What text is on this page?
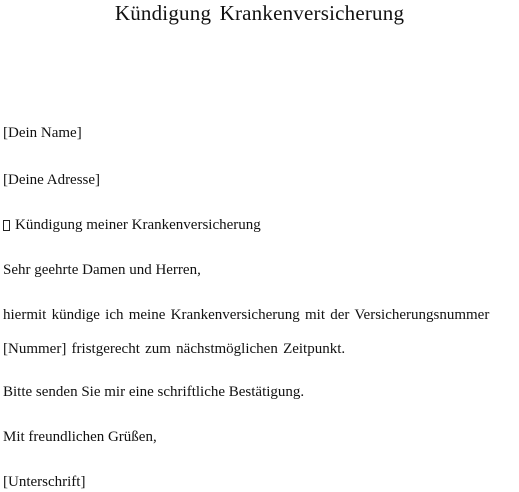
Kündigung Krankenversicherung

[Dein Name]

[Deine Adresse]

Kündigung meiner Krankenversicherung

Sehr geehrte Damen und Herren,

hiermit kündige ich meine Krankenversicherung mit der Versicherungsnummer

[Nummer] fristgerecht zum nächstmöglichen Zeitpunkt.

Bitte senden Sie mir eine schriftliche Bestätigung.

Mit freundlichen Grüßen,

[Unterschrift]
